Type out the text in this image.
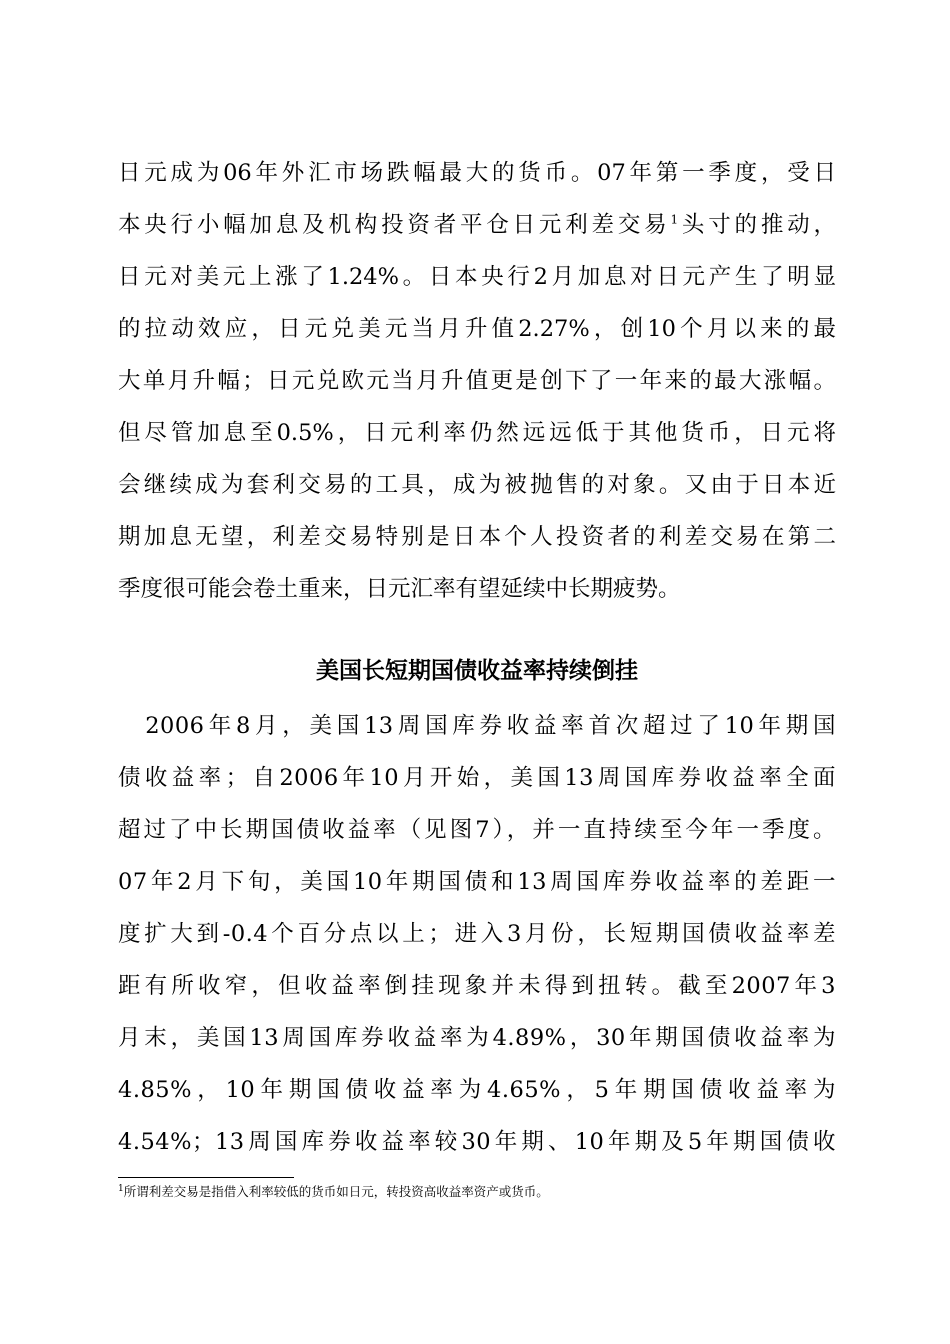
日元成为06年外汇市场跌幅最大的货币。07年第一季度，受日
本央行小幅加息及机构投资者平仓日元利差交易$^1$头寸的推动，
日元对美元上涨了1.24%。日本央行2月加息对日元产生了明显
的拉动效应，日元兑美元当月升值2.27%，创10个月以来的最
大单月升幅；日元兑欧元当月升值更是创下了一年来的最大涨幅。
但尽管加息至0.5%，日元利率仍然远远低于其他货币，日元将
会继续成为套利交易的工具，成为被抛售的对象。又由于日本近
期加息无望，利差交易特别是日本个人投资者的利差交易在第二
季度很可能会卷土重来，日元汇率有望延续中长期疲势。
美国长短期国债收益率持续倒挂
　2006年8月，美国13周国库券收益率首次超过了10年期国
债收益率；自2006年10月开始，美国13周国库券收益率全面
超过了中长期国债收益率（见图7），并一直持续至今年一季度。
07年2月下旬，美国10年期国债和13周国库券收益率的差距一
度扩大到-0.4个百分点以上；进入3月份，长短期国债收益率差
距有所收窄，但收益率倒挂现象并未得到扭转。截至2007年3
月末，美国13周国库券收益率为4.89%，30年期国债收益率为
4.85%，10年期国债收益率为4.65%，5年期国债收益率为
4.54%；13周国库券收益率较30年期、10年期及5年期国债收

$^1$所谓利差交易是指借入利率较低的货币如日元，转投资高收益率资产或货币。
